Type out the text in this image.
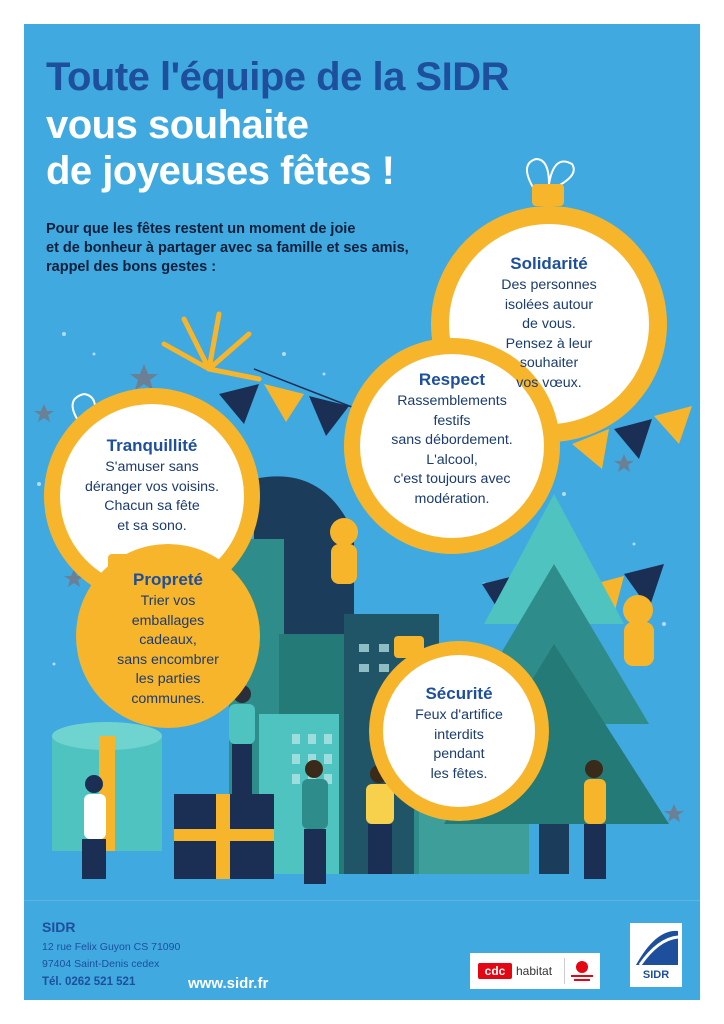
Toute l'équipe de la SIDR
vous souhaite
de joyeuses fêtes !
Pour que les fêtes restent un moment de joie
et de bonheur à partager avec sa famille et ses amis,
rappel des bons gestes :	Solidarité
Des personnes
isolées autour
de vous.
Pensez à leur
souhaiter
vos vœux.
Respect
Rassemblements
festifs
sans débordement.
L'alcool,
c'est toujours avec
modération.
Tranquillité
S'amuser sans
déranger vos voisins.
Chacun sa fête
et sa sono.
Propreté
Trier vos
emballages
cadeaux,
sans encombrer
les parties
communes.	Sécurité
Feux d'artifice
interdits
pendant
les fêtes.
SIDR
12 rue Felix Guyon CS 71090
97404 Saint-Denis cedex
Tél. 0262 521 521	www.sidr.fr
cdc habitat	SIDR
